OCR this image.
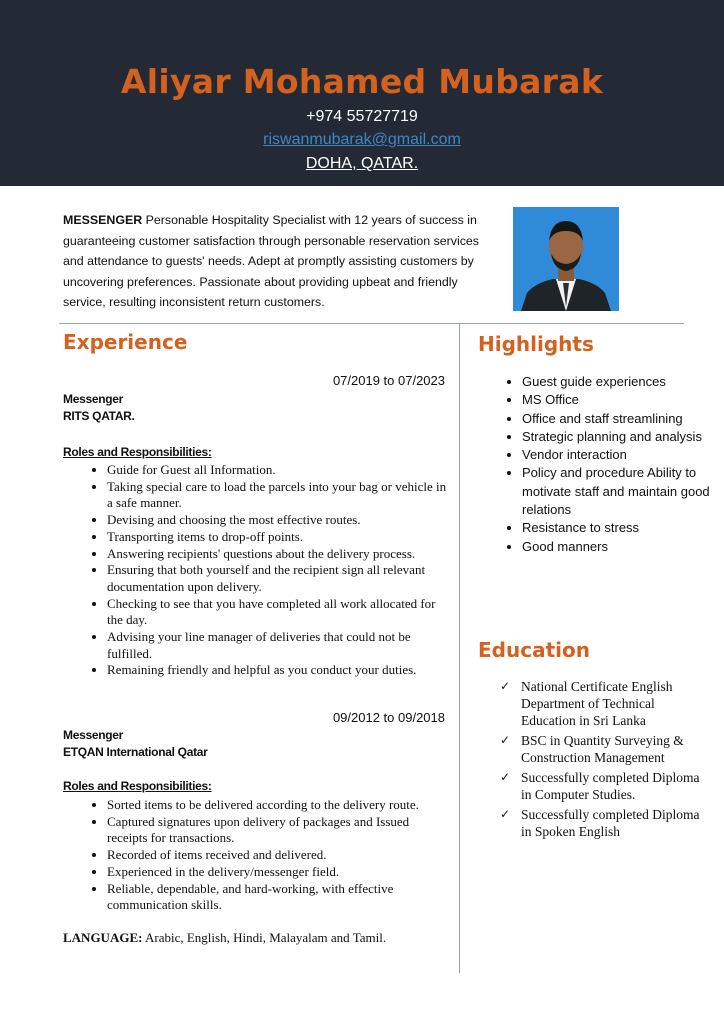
Aliyar Mohamed Mubarak
+974 55727719
riswanmubarak@gmail.com
DOHA, QATAR.
MESSENGER Personable Hospitality Specialist with 12 years of success in guaranteeing customer satisfaction through personable reservation services and attendance to guests' needs. Adept at promptly assisting customers by uncovering preferences. Passionate about providing upbeat and friendly service, resulting inconsistent return customers.
Experience
07/2019 to 07/2023
Messenger
RITS QATAR.
Roles and Responsibilities:
• Guide for Guest all Information.
• Taking special care to load the parcels into your bag or vehicle in a safe manner.
• Devising and choosing the most effective routes.
• Transporting items to drop-off points.
• Answering recipients' questions about the delivery process.
• Ensuring that both yourself and the recipient sign all relevant documentation upon delivery.
• Checking to see that you have completed all work allocated for the day.
• Advising your line manager of deliveries that could not be fulfilled.
• Remaining friendly and helpful as you conduct your duties.
09/2012 to 09/2018
Messenger
ETQAN International Qatar
Roles and Responsibilities:
• Sorted items to be delivered according to the delivery route.
• Captured signatures upon delivery of packages and Issued receipts for transactions.
• Recorded of items received and delivered.
• Experienced in the delivery/messenger field.
• Reliable, dependable, and hard-working, with effective communication skills.
LANGUAGE: Arabic, English, Hindi, Malayalam and Tamil.
Highlights
• Guest guide experiences
• MS Office
• Office and staff streamlining
• Strategic planning and analysis
• Vendor interaction
• Policy and procedure Ability to motivate staff and maintain good relations
• Resistance to stress
• Good manners
Education
✓ National Certificate English Department of Technical Education in Sri Lanka
✓ BSC in Quantity Surveying & Construction Management
✓ Successfully completed Diploma in Computer Studies.
✓ Successfully completed Diploma in Spoken English
